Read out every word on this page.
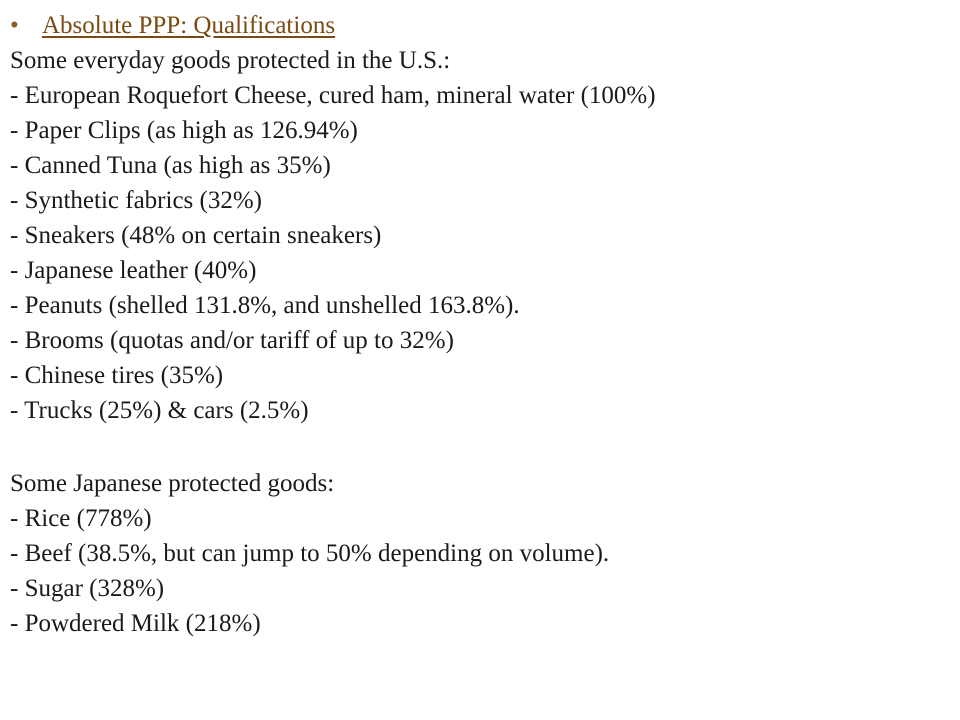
• Absolute PPP: Qualifications
Some everyday goods protected in the U.S.:
- European Roquefort Cheese, cured ham, mineral water (100%)
- Paper Clips (as high as 126.94%)
- Canned Tuna (as high as 35%)
- Synthetic fabrics (32%)
- Sneakers (48% on certain sneakers)
- Japanese leather (40%)
- Peanuts (shelled 131.8%, and unshelled 163.8%).
- Brooms (quotas and/or tariff of up to 32%)
- Chinese tires (35%)
- Trucks (25%) & cars (2.5%)
Some Japanese protected goods:
- Rice (778%)
- Beef (38.5%, but can jump to 50% depending on volume).
- Sugar (328%)
- Powdered Milk (218%)
